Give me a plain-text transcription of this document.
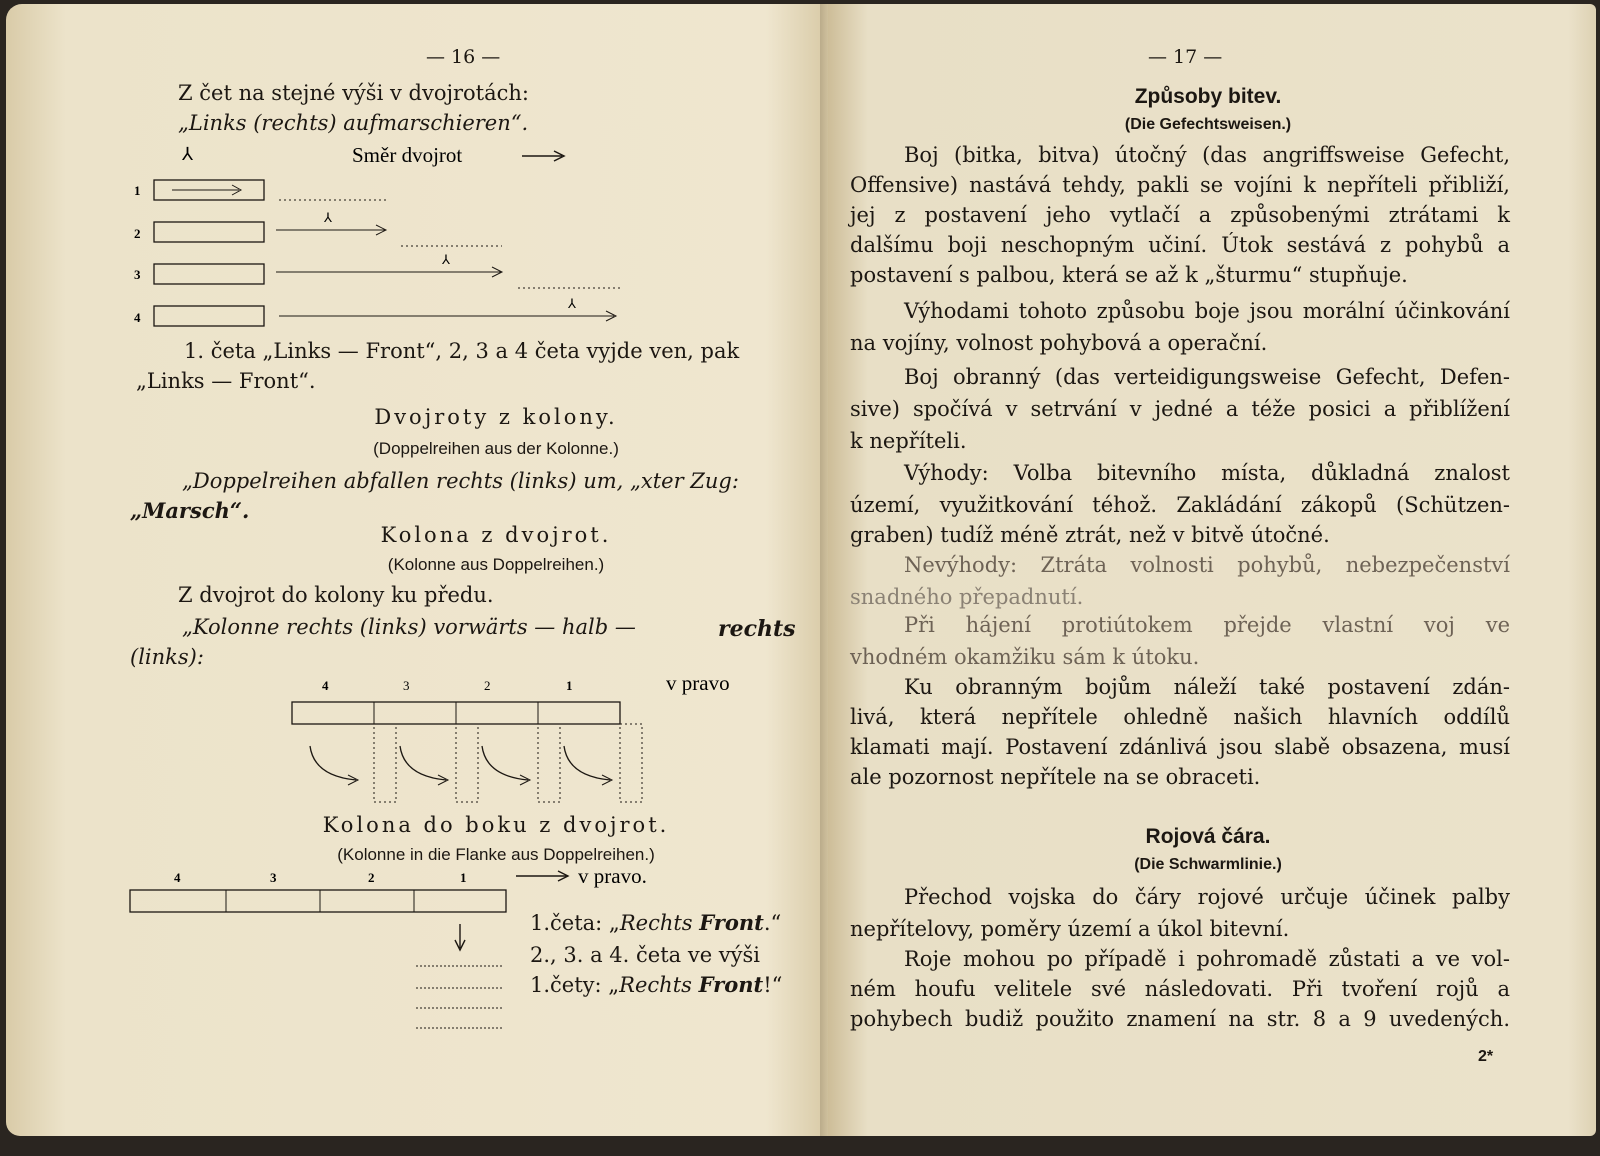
— 16 —
Z čet na stejné výši v dvojrotách:
„Links (rechts) aufmarschieren“.
⅄	Směr dvojrot
1
2
⅄
3
⅄
4
⅄
1. četa „Links — Front“, 2, 3 a 4 četa vyjde ven, pak
„Links — Front“.
Dvojroty z kolony.
(Doppelreihen aus der Kolonne.)
„Doppelreihen abfallen rechts (links) um, „xter Zug:
„Marsch“.
Kolona z dvojrot.
(Kolonne aus Doppelreihen.)
Z dvojrot do kolony ku předu.
„Kolonne rechts (links) vorwärts — halb —	rechts
(links):
4	3	2	1	v pravo
Kolona do boku z dvojrot.
(Kolonne in die Flanke aus Doppelreihen.)
4	3	2	1	v pravo.
1.četa: „Rechts Front.“
2., 3. a 4. četa ve výši
1.čety: „Rechts Front!“
— 17 —
Způsoby bitev.
(Die Gefechtsweisen.)
Boj (bitka, bitva) útočný (das angriffsweise Gefecht,
Offensive) nastává tehdy, pakli se vojíni k nepříteli přibliží,
jej z postavení jeho vytlačí a způsobenými ztrátami k
dalšímu boji neschopným učiní. Útok sestává z pohybů a
postavení s palbou, která se až k „šturmu“ stupňuje.
Výhodami tohoto způsobu boje jsou morální účinkování
na vojíny, volnost pohybová a operační.
Boj obranný (das verteidigungsweise Gefecht, Defen-
sive) spočívá v setrvání v jedné a téže posici a přiblížení
k nepříteli.
Výhody: Volba bitevního místa, důkladná znalost
území, využitkování téhož. Zakládání zákopů (Schützen-
graben) tudíž méně ztrát, než v bitvě útočné.
Nevýhody: Ztráta volnosti pohybů, nebezpečenství
snadného přepadnutí.
Při hájení protiútokem přejde vlastní voj ve
vhodném okamžiku sám k útoku.
Ku obranným bojům náleží také postavení zdán-
livá, která nepřítele ohledně našich hlavních oddílů
klamati mají. Postavení zdánlivá jsou slabě obsazena, musí
ale pozornost nepřítele na se obraceti.
Rojová čára.
(Die Schwarmlinie.)
Přechod vojska do čáry rojové určuje účinek palby
nepřítelovy, poměry území a úkol bitevní.
Roje mohou po případě i pohromadě zůstati a ve vol-
ném houfu velitele své následovati. Při tvoření rojů a
pohybech budiž použito znamení na str. 8 a 9 uvedených.
2*
